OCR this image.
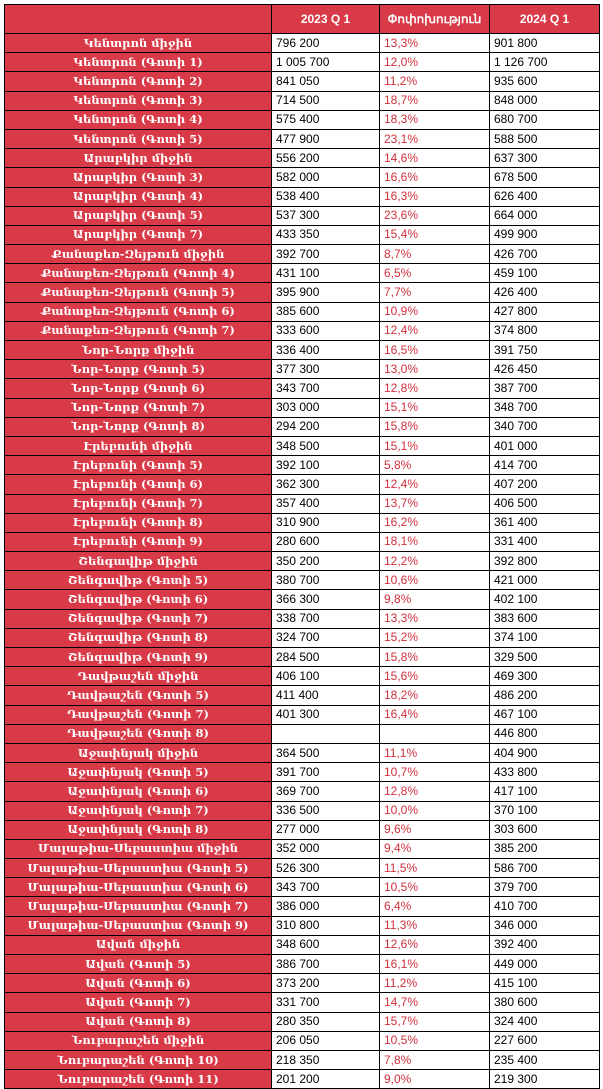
	2023 Q 1	Փոփոխություն	2024 Q 1
Կենտրոն միջին	796 200	13,3%	901 800
Կենտրոն (Գոտի 1)	1 005 700	12,0%	1 126 700
Կենտրոն (Գոտի 2)	841 050	11,2%	935 600
Կենտրոն (Գոտի 3)	714 500	18,7%	848 000
Կենտրոն (Գոտի 4)	575 400	18,3%	680 700
Կենտրոն (Գոտի 5)	477 900	23,1%	588 500
Արաբկիր միջին	556 200	14,6%	637 300
Արաբկիր (Գոտի 3)	582 000	16,6%	678 500
Արաբկիր (Գոտի 4)	538 400	16,3%	626 400
Արաբկիր (Գոտի 5)	537 300	23,6%	664 000
Արաբկիր (Գոտի 7)	433 350	15,4%	499 900
Քանաքեռ-Զեյթուն միջին	392 700	8,7%	426 700
Քանաքեռ-Զեյթուն (Գոտի 4)	431 100	6,5%	459 100
Քանաքեռ-Զեյթուն (Գոտի 5)	395 900	7,7%	426 400
Քանաքեռ-Զեյթուն (Գոտի 6)	385 600	10,9%	427 800
Քանաքեռ-Զեյթուն (Գոտի 7)	333 600	12,4%	374 800
Նոր-Նորք միջին	336 400	16,5%	391 750
Նոր-Նորք (Գոտի 5)	377 300	13,0%	426 450
Նոր-Նորք (Գոտի 6)	343 700	12,8%	387 700
Նոր-Նորք (Գոտի 7)	303 000	15,1%	348 700
Նոր-Նորք (Գոտի 8)	294 200	15,8%	340 700
Էրեբունի միջին	348 500	15,1%	401 000
Էրեբունի (Գոտի 5)	392 100	5,8%	414 700
Էրեբունի (Գոտի 6)	362 300	12,4%	407 200
Էրեբունի (Գոտի 7)	357 400	13,7%	406 500
Էրեբունի (Գոտի 8)	310 900	16,2%	361 400
Էրեբունի (Գոտի 9)	280 600	18,1%	331 400
Շենգավիթ միջին	350 200	12,2%	392 800
Շենգավիթ (Գոտի 5)	380 700	10,6%	421 000
Շենգավիթ (Գոտի 6)	366 300	9,8%	402 100
Շենգավիթ (Գոտի 7)	338 700	13,3%	383 600
Շենգավիթ (Գոտի 8)	324 700	15,2%	374 100
Շենգավիթ (Գոտի 9)	284 500	15,8%	329 500
Դավթաշեն միջին	406 100	15,6%	469 300
Դավթաշեն (Գոտի 5)	411 400	18,2%	486 200
Դավթաշեն (Գոտի 7)	401 300	16,4%	467 100
Դավթաշեն (Գոտի 8)			446 800
Աջափնյակ միջին	364 500	11,1%	404 900
Աջափնյակ (Գոտի 5)	391 700	10,7%	433 800
Աջափնյակ (Գոտի 6)	369 700	12,8%	417 100
Աջափնյակ (Գոտի 7)	336 500	10,0%	370 100
Աջափնյակ (Գոտի 8)	277 000	9,6%	303 600
Մալաթիա-Սեբաստիա միջին	352 000	9,4%	385 200
Մալաթիա-Սեբաստիա (Գոտի 5)	526 300	11,5%	586 700
Մալաթիա-Սեբաստիա (Գոտի 6)	343 700	10,5%	379 700
Մալաթիա-Սեբաստիա (Գոտի 7)	386 000	6,4%	410 700
Մալաթիա-Սեբաստիա (Գոտի 9)	310 800	11,3%	346 000
Ավան միջին	348 600	12,6%	392 400
Ավան (Գոտի 5)	386 700	16,1%	449 000
Ավան (Գոտի 6)	373 200	11,2%	415 100
Ավան (Գոտի 7)	331 700	14,7%	380 600
Ավան (Գոտի 8)	280 350	15,7%	324 400
Նուբարաշեն միջին	206 050	10,5%	227 600
Նուբարաշեն (Գոտի 10)	218 350	7,8%	235 400
Նուբարաշեն (Գոտի 11)	201 200	9,0%	219 300
